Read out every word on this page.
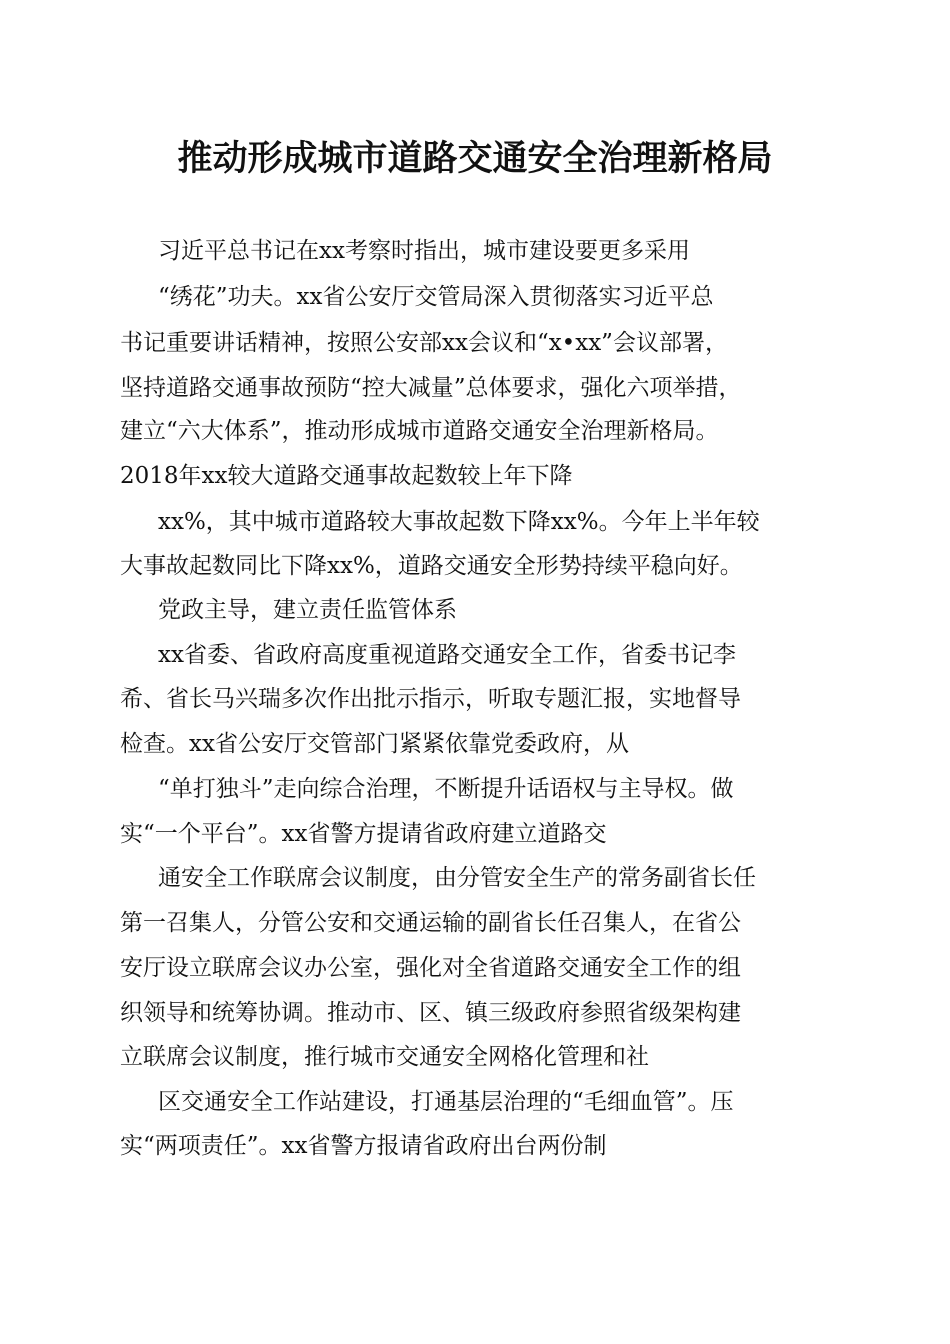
推动形成城市道路交通安全治理新格局

习近平总书记在xx考察时指出，城市建设要更多采用

“绣花”功夫。xx省公安厅交管局深入贯彻落实习近平总

书记重要讲话精神，按照公安部xx会议和“x•xx”会议部署，

坚持道路交通事故预防“控大减量”总体要求，强化六项举措，

建立“六大体系”，推动形成城市道路交通安全治理新格局。

2018年xx较大道路交通事故起数较上年下降

xx%，其中城市道路较大事故起数下降xx%。今年上半年较

大事故起数同比下降xx%，道路交通安全形势持续平稳向好。

党政主导，建立责任监管体系

xx省委、省政府高度重视道路交通安全工作，省委书记李

希、省长马兴瑞多次作出批示指示，听取专题汇报，实地督导

检查。xx省公安厅交管部门紧紧依靠党委政府，从

“单打独斗”走向综合治理，不断提升话语权与主导权。做

实“一个平台”。xx省警方提请省政府建立道路交

通安全工作联席会议制度，由分管安全生产的常务副省长任

第一召集人，分管公安和交通运输的副省长任召集人，在省公

安厅设立联席会议办公室，强化对全省道路交通安全工作的组

织领导和统筹协调。推动市、区、镇三级政府参照省级架构建

立联席会议制度，推行城市交通安全网格化管理和社

区交通安全工作站建设，打通基层治理的“毛细血管”。压

实“两项责任”。xx省警方报请省政府出台两份制
